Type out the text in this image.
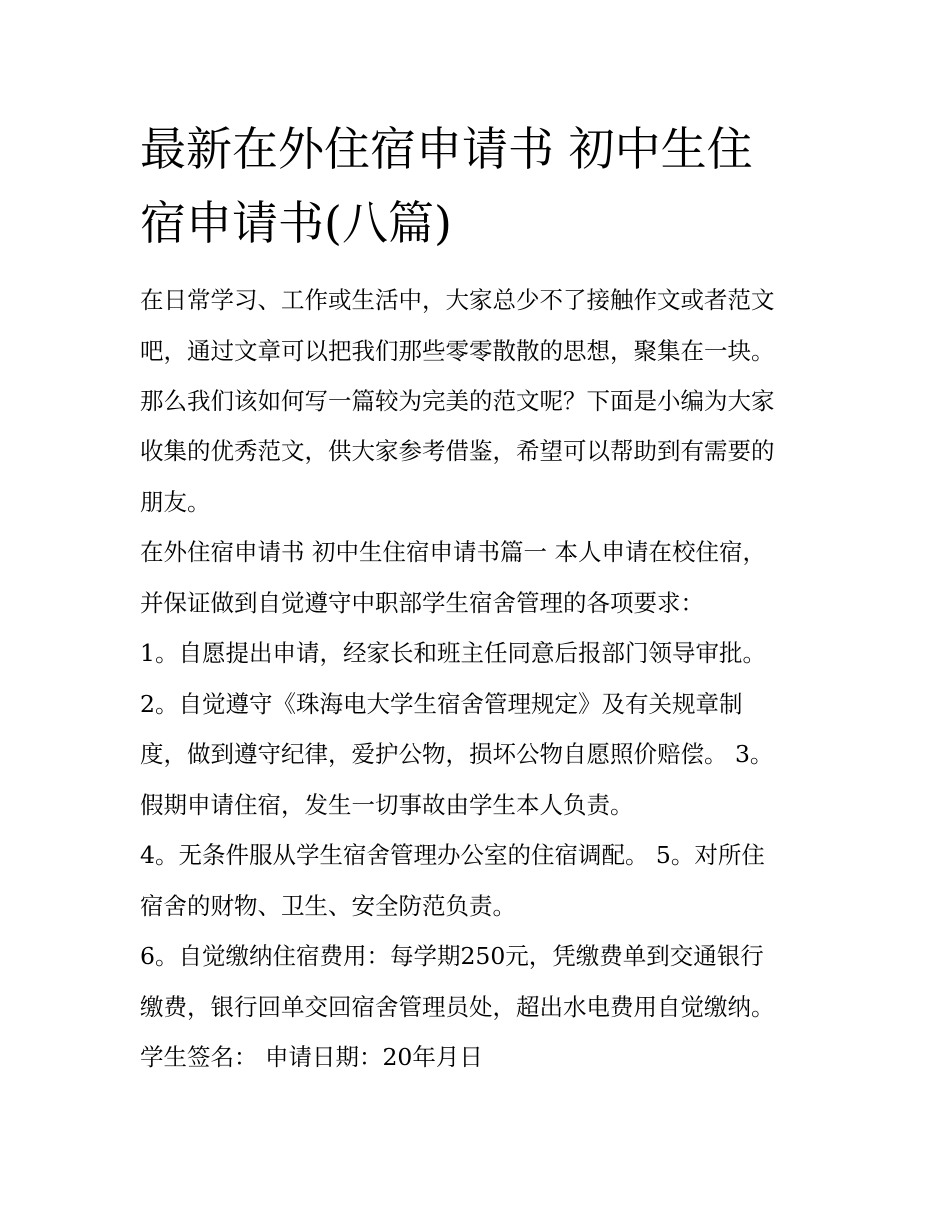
最新在外住宿申请书 初中生住
宿申请书(八篇)

在日常学习、工作或生活中，大家总少不了接触作文或者范文

吧，通过文章可以把我们那些零零散散的思想，聚集在一块。

那么我们该如何写一篇较为完美的范文呢？下面是小编为大家

收集的优秀范文，供大家参考借鉴，希望可以帮助到有需要的

朋友。

在外住宿申请书 初中生住宿申请书篇一 本人申请在校住宿，

并保证做到自觉遵守中职部学生宿舍管理的各项要求：

1。自愿提出申请，经家长和班主任同意后报部门领导审批。

2。自觉遵守《珠海电大学生宿舍管理规定》及有关规章制

度，做到遵守纪律，爱护公物，损坏公物自愿照价赔偿。 3。

假期申请住宿，发生一切事故由学生本人负责。

4。无条件服从学生宿舍管理办公室的住宿调配。 5。对所住

宿舍的财物、卫生、安全防范负责。

6。自觉缴纳住宿费用：每学期250元，凭缴费单到交通银行

缴费，银行回单交回宿舍管理员处，超出水电费用自觉缴纳。

学生签名： 申请日期：20年月日
